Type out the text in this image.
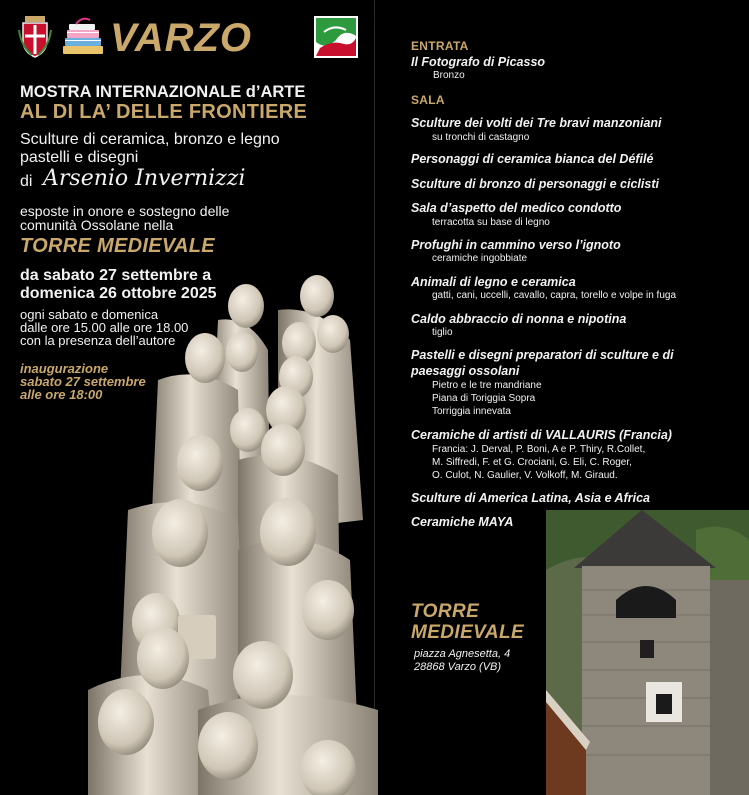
VARZO
MOSTRA INTERNAZIONALE d’ARTE
AL DI LA’ DELLE FRONTIERE
Sculture di ceramica, bronzo e legno
pastelli e disegni
di Arsenio Invernizzi
esposte in onore e sostegno delle
comunità Ossolane nella
TORRE MEDIEVALE
da sabato 27 settembre a
domenica 26 ottobre 2025
ogni sabato e domenica
dalle ore 15.00 alle ore 18.00
con la presenza dell’autore
inaugurazione
sabato 27 settembre
alle ore 18:00
ENTRATA
Il Fotografo di Picasso
Bronzo
SALA
Sculture dei volti dei Tre bravi manzoniani
su tronchi di castagno
Personaggi di ceramica bianca del Défilé
Sculture di bronzo di personaggi e ciclisti
Sala d’aspetto del medico condotto
terracotta su base di legno
Profughi in cammino verso l’ignoto
ceramiche ingobbiate
Animali di legno e ceramica
gatti, cani, uccelli, cavallo, capra, torello e volpe in fuga
Caldo abbraccio di nonna e nipotina
tiglio
Pastelli e disegni preparatori di sculture e di
paesaggi ossolani
Pietro e le tre mandriane
Piana di Toriggia Sopra
Torriggia innevata
Ceramiche di artisti di VALLAURIS (Francia)
Francia: J. Derval, P. Boni, A e P. Thiry, R.Collet,
M. Siffredi, F. et G. Crociani, G. Eli, C. Roger,
O. Culot, N. Gaulier, V. Volkoff, M. Giraud.
Sculture di America Latina, Asia e Africa
Ceramiche MAYA
TORRE
MEDIEVALE
piazza Agnesetta, 4
28868 Varzo (VB)
